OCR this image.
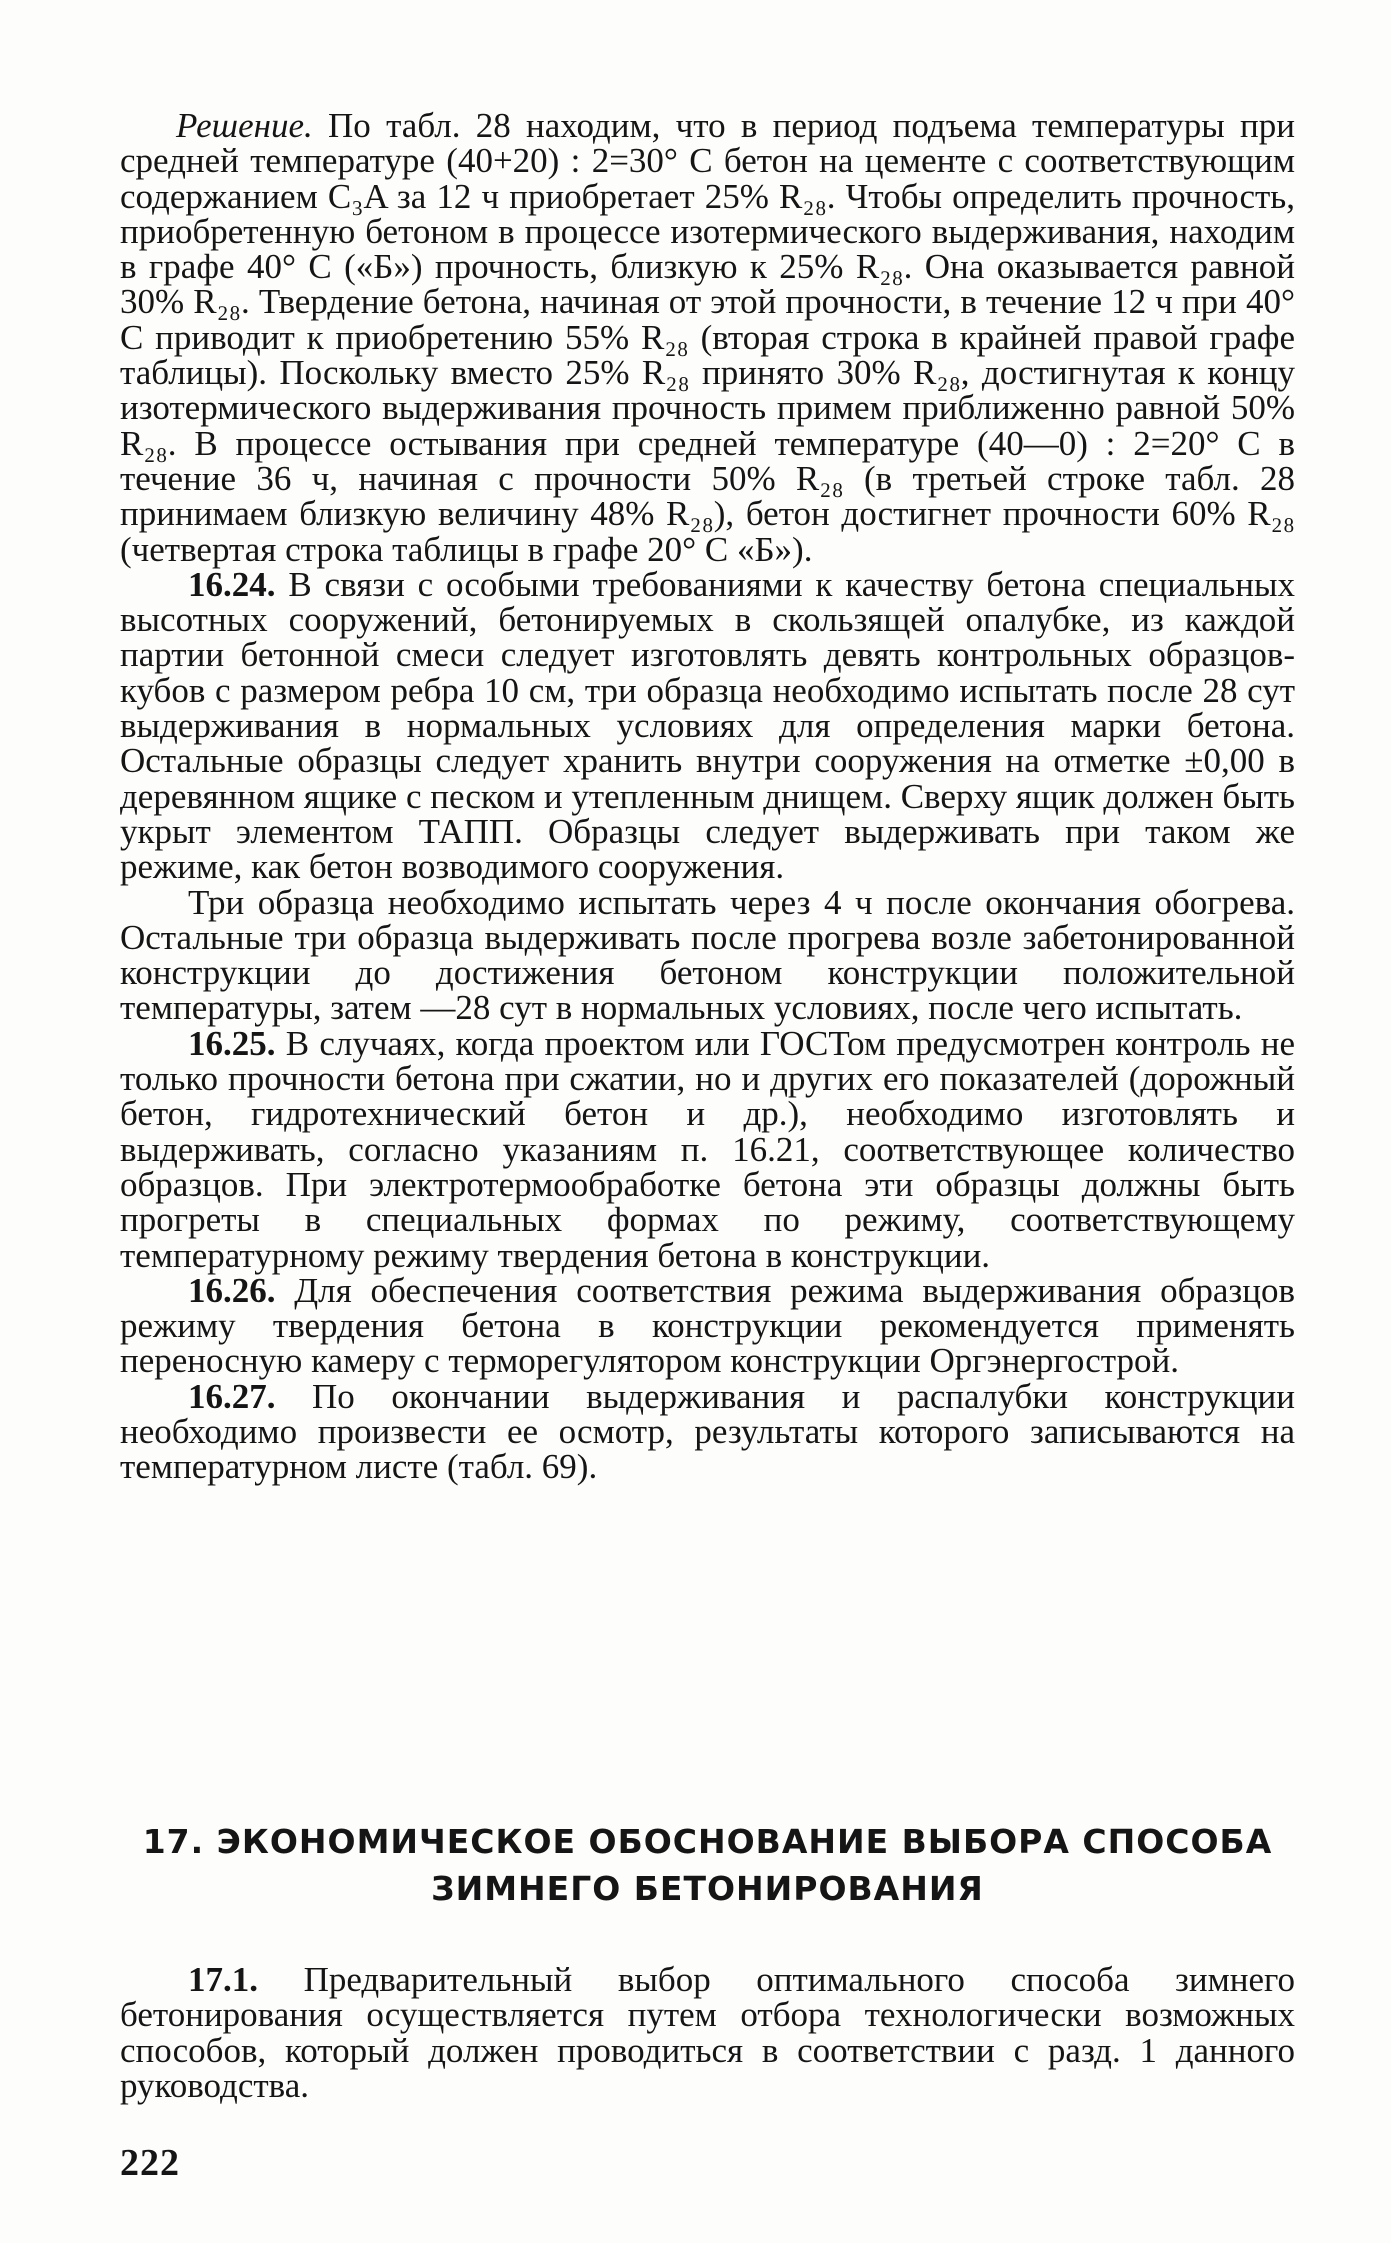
Решение. По табл. 28 находим, что в период подъема температуры при средней температуре (40+20) : 2=30° С бетон на цементе с соответствующим содержанием C₃A за 12 ч приобретает 25% R₂₈. Чтобы определить прочность, приобретенную бетоном в процессе изотермического выдерживания, находим в графе 40° С («Б») прочность, близкую к 25% R₂₈. Она оказывается равной 30% R₂₈. Твердение бетона, начиная от этой прочности, в течение 12 ч при 40° С приводит к приобретению 55% R₂₈ (вторая строка в крайней правой графе таблицы). Поскольку вместо 25% R₂₈ принято 30% R₂₈, достигнутая к концу изотермического выдерживания прочность примем приближенно равной 50% R₂₈. В процессе остывания при средней температуре (40—0) : 2=20° С в течение 36 ч, начиная с прочности 50% R₂₈ (в третьей строке табл. 28 принимаем близкую величину 48% R₂₈), бетон достигнет прочности 60% R₂₈ (четвертая строка таблицы в графе 20° С «Б»).

16.24. В связи с особыми требованиями к качеству бетона специальных высотных сооружений, бетонируемых в скользящей опалубке, из каждой партии бетонной смеси следует изготовлять девять контрольных образцов-кубов с размером ребра 10 см, три образца необходимо испытать после 28 сут выдерживания в нормальных условиях для определения марки бетона. Остальные образцы следует хранить внутри сооружения на отметке ±0,00 в деревянном ящике с песком и утепленным днищем. Сверху ящик должен быть укрыт элементом ТАПП. Образцы следует выдерживать при таком же режиме, как бетон возводимого сооружения.

Три образца необходимо испытать через 4 ч после окончания обогрева. Остальные три образца выдерживать после прогрева возле забетонированной конструкции до достижения бетоном конструкции положительной температуры, затем —28 сут в нормальных условиях, после чего испытать.

16.25. В случаях, когда проектом или ГОСТом предусмотрен контроль не только прочности бетона при сжатии, но и других его показателей (дорожный бетон, гидротехнический бетон и др.), необходимо изготовлять и выдерживать, согласно указаниям п. 16.21, соответствующее количество образцов. При электротермообработке бетона эти образцы должны быть прогреты в специальных формах по режиму, соответствующему температурному режиму твердения бетона в конструкции.

16.26. Для обеспечения соответствия режима выдерживания образцов режиму твердения бетона в конструкции рекомендуется применять переносную камеру с терморегулятором конструкции Оргэнергострой.

16.27. По окончании выдерживания и распалубки конструкции необходимо произвести ее осмотр, результаты которого записываются на температурном листе (табл. 69).

17. ЭКОНОМИЧЕСКОЕ ОБОСНОВАНИЕ ВЫБОРА СПОСОБА
ЗИМНЕГО БЕТОНИРОВАНИЯ

17.1. Предварительный выбор оптимального способа зимнего бетонирования осуществляется путем отбора технологически возможных способов, который должен проводиться в соответствии с разд. 1 данного руководства.

222
